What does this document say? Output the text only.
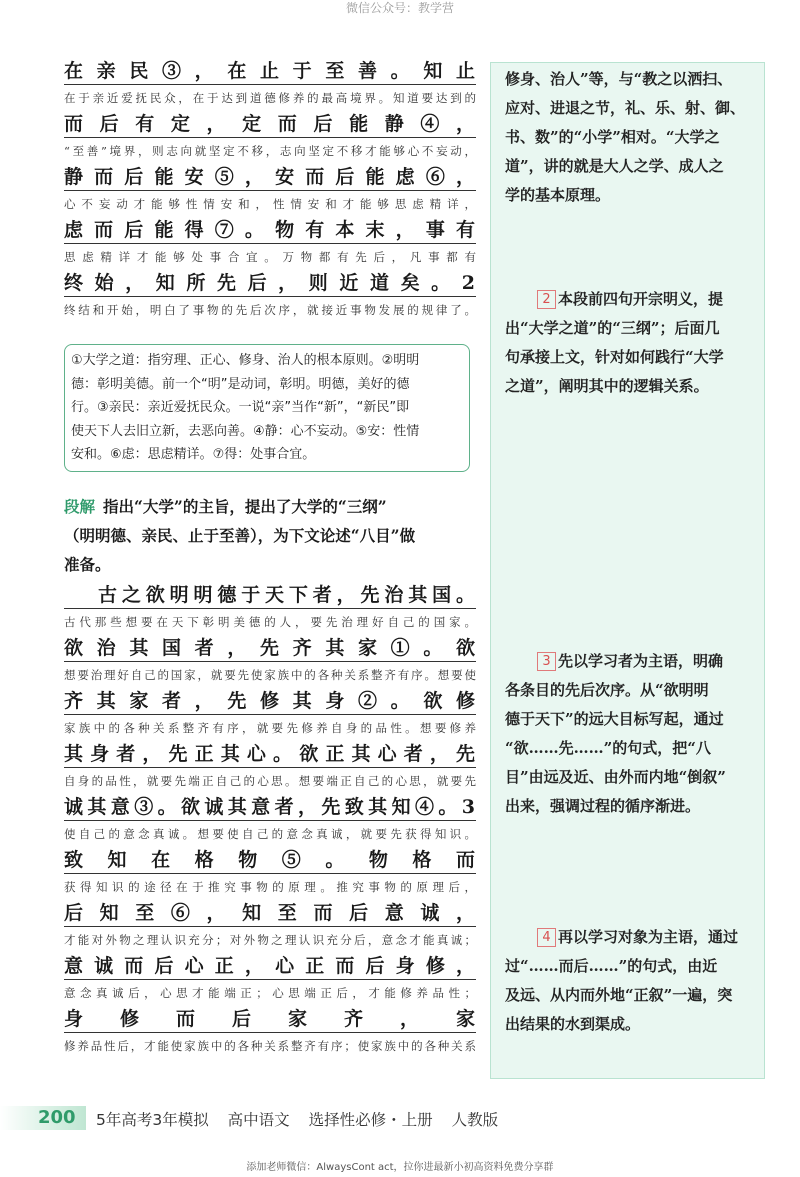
微信公众号：教学营
在亲民③，在止于至善。知止
在于亲近爱抚民众，在于达到道德修养的最高境界。知道要达到的
而后有定，定而后能静④，
“至善”境界，则志向就坚定不移，志向坚定不移才能够心不妄动，
静而后能安⑤，安而后能虑⑥，
心不妄动才能够性情安和，性情安和才能够思虑精详，
虑而后能得⑦。物有本末，事有
思虑精详才能够处事合宜。万物都有先后，凡事都有
终始，知所先后，则近道矣。2
终结和开始，明白了事物的先后次序，就接近事物发展的规律了。

①大学之道：指穷理、正心、修身、治人的根本原则。②明明

德：彰明美德。前一个“明”是动词，彰明。明德，美好的德

行。③亲民：亲近爱抚民众。一说“亲”当作“新”，“新民”即

使天下人去旧立新，去恶向善。④静：心不妄动。⑤安：性情

安和。⑥虑：思虑精详。⑦得：处事合宜。

段解 指出“大学”的主旨，提出了大学的“三纲”

（明明德、亲民、止于至善），为下文论述“八目”做

准备。

古之欲明明德于天下者，先治其国。
古代那些想要在天下彰明美德的人，要先治理好自己的国家。
欲治其国者，先齐其家①。欲
想要治理好自己的国家，就要先使家族中的各种关系整齐有序。想要使
齐其家者，先修其身②。欲修
家族中的各种关系整齐有序，就要先修养自身的品性。想要修养
其身者，先正其心。欲正其心者，先
自身的品性，就要先端正自己的心思。想要端正自己的心思，就要先
诚其意③。欲诚其意者，先致其知④。3
使自己的意念真诚。想要使自己的意念真诚，就要先获得知识。
致知在格物⑤。物格而
获得知识的途径在于推究事物的原理。推究事物的原理后，
后知至⑥，知至而后意诚，
才能对外物之理认识充分；对外物之理认识充分后，意念才能真诚；
意诚而后心正，心正而后身修，
意念真诚后，心思才能端正；心思端正后，才能修养品性；
身修而后家齐，家
修养品性后，才能使家族中的各种关系整齐有序；使家族中的各种关系

修身、治人”等，与“教之以洒扫、

应对、进退之节，礼、乐、射、御、

书、数”的“小学”相对。“大学之

道”，讲的就是大人之学、成人之

学的基本原理。

2 本段前四句开宗明义，提

出“大学之道”的“三纲”；后面几

句承接上文，针对如何践行“大学

之道”，阐明其中的逻辑关系。

3 先以学习者为主语，明确

各条目的先后次序。从“欲明明

德于天下”的远大目标写起，通过

“欲……先……”的句式，把“八

目”由远及近、由外而内地“倒叙”

出来，强调过程的循序渐进。

4 再以学习对象为主语，通过

过“……而后……”的句式，由近

及远、从内而外地“正叙”一遍，突

出结果的水到渠成。

200 5年高考3年模拟 高中语文 选择性必修・上册 人教版
添加老师微信：AlwaysCont act，拉你进最新小初高资料免费分享群
